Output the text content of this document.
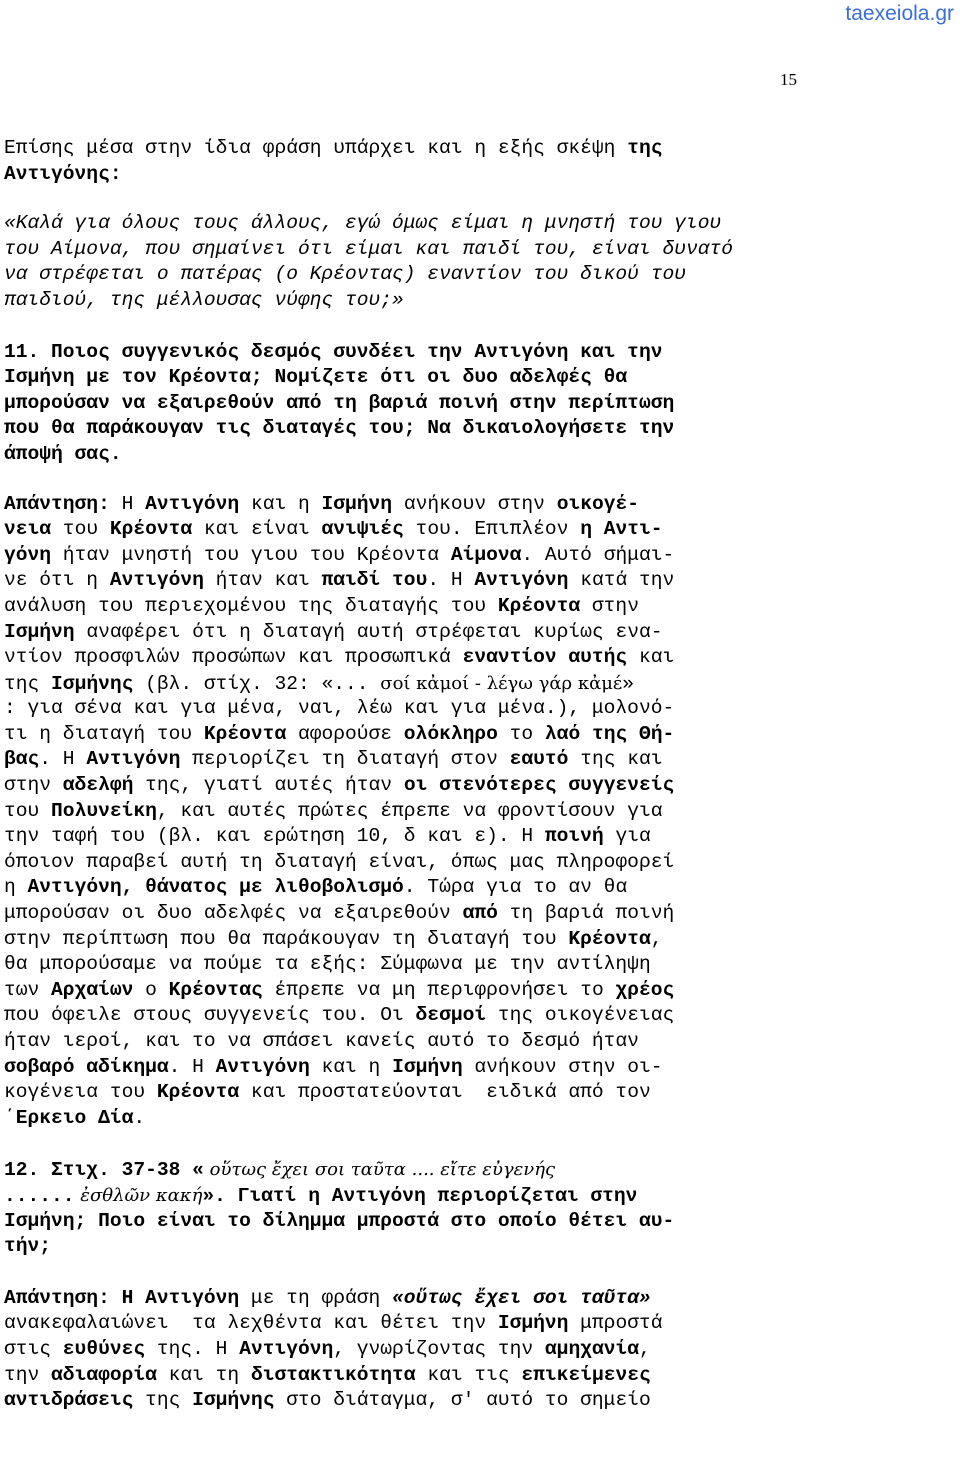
taexeiola.gr
15
Επίσης μέσα στην ίδια φράση υπάρχει και η εξής σκέψη της
Αντιγόνης:
«Καλά για όλους τους άλλους, εγώ όμως είμαι η μνηστή του γιου
του Αίμονα, που σημαίνει ότι είμαι και παιδί του, είναι δυνατό
να στρέφεται ο πατέρας (ο Κρέοντας) εναντίον του δικού του
παιδιού, της μέλλουσας νύφης του;»
11. Ποιος συγγενικός δεσμός συνδέει την Αντιγόνη και την
Ισμήνη με τον Κρέοντα; Νομίζετε ότι οι δυο αδελφές θα
μπορούσαν να εξαιρεθούν από τη βαριά ποινή στην περίπτωση
που θα παράκουγαν τις διαταγές του; Να δικαιολογήσετε την
άποψή σας.
Απάντηση: Η Αντιγόνη και η Ισμήνη ανήκουν στην οικογέ-
νεια του Κρέοντα και είναι ανιψιές του. Επιπλέον η Αντι-
γόνη ήταν μνηστή του γιου του Κρέοντα Αίμονα. Αυτό σήμαι-
νε ότι η Αντιγόνη ήταν και παιδί του. Η Αντιγόνη κατά την
ανάλυση του περιεχομένου της διαταγής του Κρέοντα στην
Ισμήνη αναφέρει ότι η διαταγή αυτή στρέφεται κυρίως ενα-
ντίον προσφιλών προσώπων και προσωπικά εναντίον αυτής και
της Ισμήνης (βλ. στίχ. 32: «... σοί κἀμοί - λέγω γάρ κἀμέ»
: για σένα και για μένα, ναι, λέω και για μένα.), μολονό-
τι η διαταγή του Κρέοντα αφορούσε ολόκληρο το λαό της Θή-
βας. Η Αντιγόνη περιορίζει τη διαταγή στον εαυτό της και
στην αδελφή της, γιατί αυτές ήταν οι στενότερες συγγενείς
του Πολυνείκη, και αυτές πρώτες έπρεπε να φροντίσουν για
την ταφή του (βλ. και ερώτηση 10, δ και ε). Η ποινή για
όποιον παραβεί αυτή τη διαταγή είναι, όπως μας πληροφορεί
η Αντιγόνη, θάνατος με λιθοβολισμό. Τώρα για το αν θα
μπορούσαν οι δυο αδελφές να εξαιρεθούν από τη βαριά ποινή
στην περίπτωση που θα παράκουγαν τη διαταγή του Κρέοντα,
θα μπορούσαμε να πούμε τα εξής: Σύμφωνα με την αντίληψη
των Αρχαίων ο Κρέοντας έπρεπε να μη περιφρονήσει το χρέος
που όφειλε στους συγγενείς του. Οι δεσμοί της οικογένειας
ήταν ιεροί, και το να σπάσει κανείς αυτό το δεσμό ήταν
σοβαρό αδίκημα. Η Αντιγόνη και η Ισμήνη ανήκουν στην οι-
κογένεια του Κρέοντα και προστατεύονται  ειδικά από τον
΄Ερκειο Δία.
12. Στιχ. 37-38 « οὕτως ἔχει σοι ταῦτα .... εἴτε εὐγενής
...... ἐσθλῶν κακή». Γιατί η Αντιγόνη περιορίζεται στην
Ισμήνη; Ποιο είναι το δίλημμα μπροστά στο οποίο θέτει αυ-
τήν;
Απάντηση: Η Αντιγόνη με τη φράση «οὕτως ἔχει σοι ταῦτα»
ανακεφαλαιώνει  τα λεχθέντα και θέτει την Ισμήνη μπροστά
στις ευθύνες της. Η Αντιγόνη, γνωρίζοντας την αμηχανία,
την αδιαφορία και τη διστακτικότητα και τις επικείμενες
αντιδράσεις της Ισμήνης στο διάταγμα, σ′ αυτό το σημείο
